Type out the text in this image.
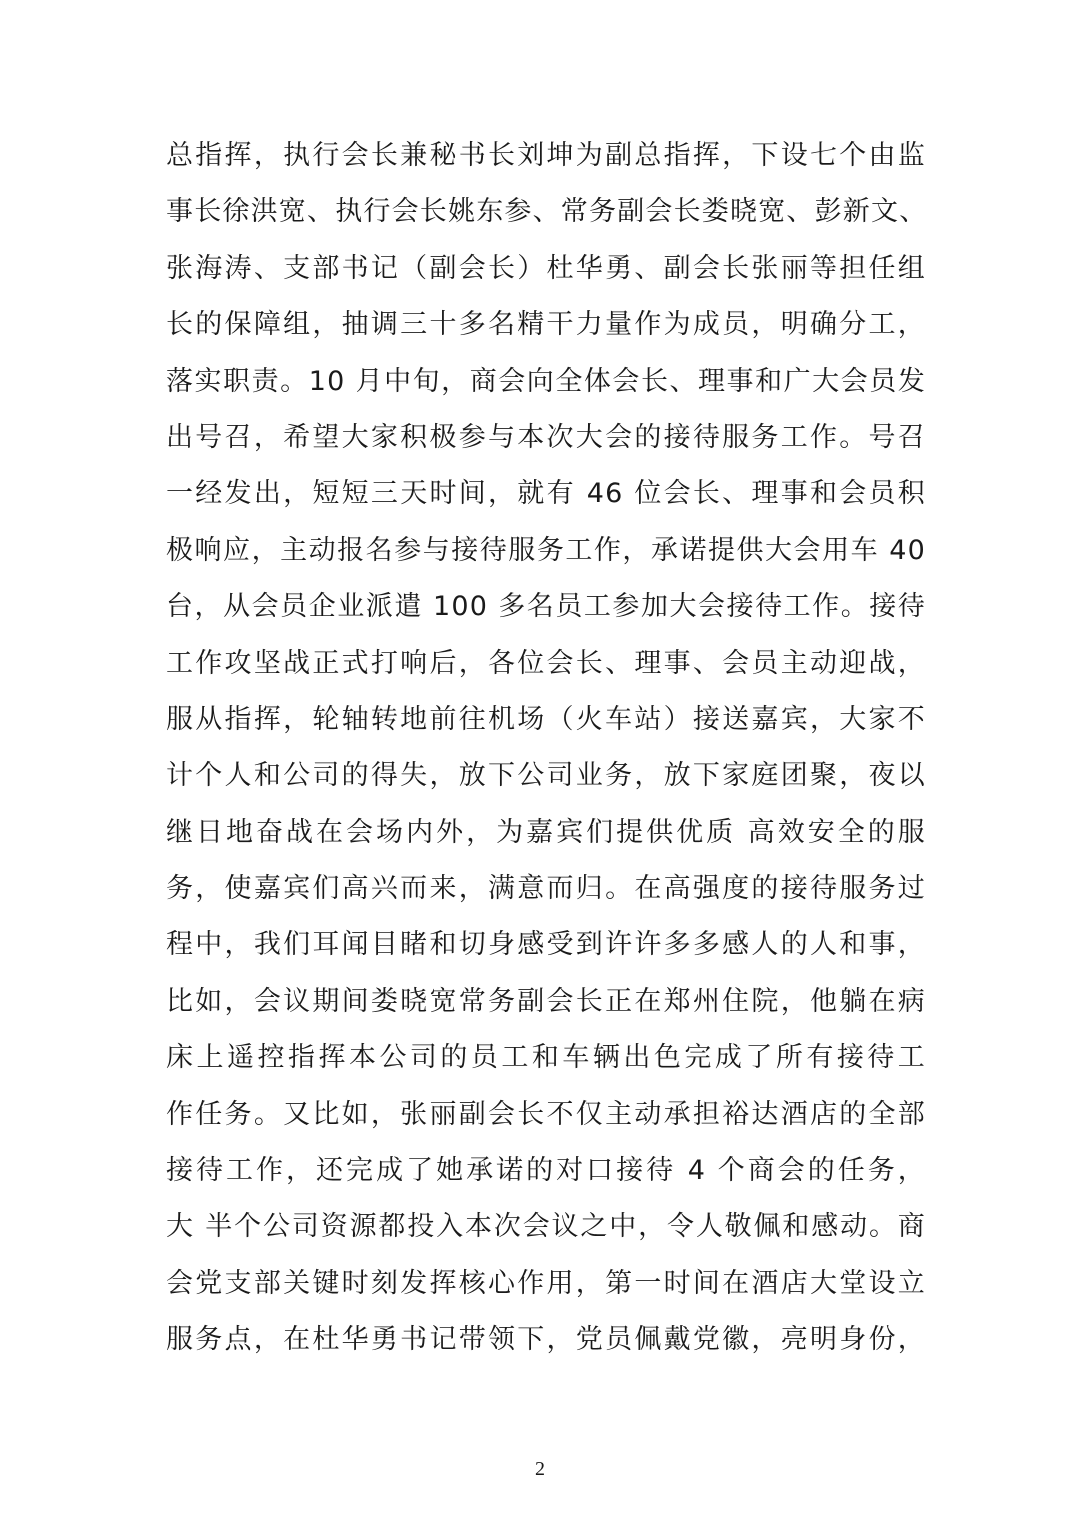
总指挥，执行会长兼秘书长刘坤为副总指挥，下设七个由监
事长徐洪宽、执行会长姚东参、常务副会长娄晓宽、彭新文、
张海涛、支部书记（副会长）杜华勇、副会长张丽等担任组
长的保障组，抽调三十多名精干力量作为成员，明确分工，
落实职责。10 月中旬，商会向全体会长、理事和广大会员发
出号召，希望大家积极参与本次大会的接待服务工作。号召
一经发出，短短三天时间，就有 46 位会长、理事和会员积
极响应，主动报名参与接待服务工作，承诺提供大会用车 40
台，从会员企业派遣 100 多名员工参加大会接待工作。接待
工作攻坚战正式打响后，各位会长、理事、会员主动迎战，
服从指挥，轮轴转地前往机场（火车站）接送嘉宾，大家不
计个人和公司的得失，放下公司业务，放下家庭团聚，夜以
继日地奋战在会场内外，为嘉宾们提供优质 高效安全的服
务，使嘉宾们高兴而来，满意而归。在高强度的接待服务过
程中，我们耳闻目睹和切身感受到许许多多感人的人和事，
比如，会议期间娄晓宽常务副会长正在郑州住院，他躺在病
床上遥控指挥本公司的员工和车辆出色完成了所有接待工
作任务。又比如，张丽副会长不仅主动承担裕达酒店的全部
接待工作，还完成了她承诺的对口接待 4 个商会的任务，
大 半个公司资源都投入本次会议之中，令人敬佩和感动。商
会党支部关键时刻发挥核心作用，第一时间在酒店大堂设立
服务点，在杜华勇书记带领下，党员佩戴党徽，亮明身份，
2
